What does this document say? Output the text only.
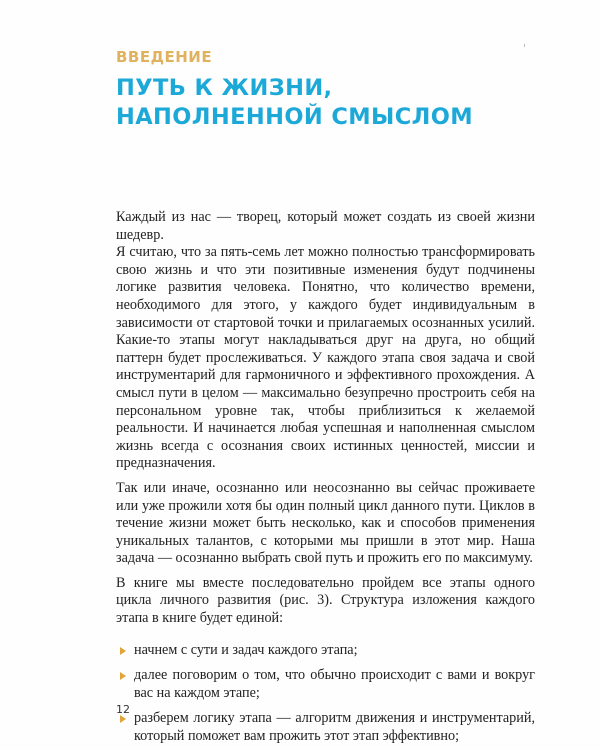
ВВЕДЕНИЕ
ПУТЬ К ЖИЗНИ,
НАПОЛНЕННОЙ СМЫСЛОМ

Каждый из нас — творец, который может создать из своей жизни шедевр.

Я считаю, что за пять-семь лет можно полностью трансформировать свою жизнь и что эти позитивные изменения будут подчинены логике развития человека. Понятно, что количество времени, необходимого для этого, у каждого будет индивидуальным в зависимости от стартовой точки и прилагаемых осознанных усилий. Какие-то этапы могут накладываться друг на друга, но общий паттерн будет прослеживаться. У каждого этапа своя задача и свой инструментарий для гармоничного и эффективного прохождения. А смысл пути в целом — максимально безупречно простроить себя на персональном уровне так, чтобы приблизиться к желаемой реальности. И начинается любая успешная и наполненная смыслом жизнь всегда с осознания своих истинных ценностей, миссии и предназначения.

Так или иначе, осознанно или неосознанно вы сейчас проживаете или уже прожили хотя бы один полный цикл данного пути. Циклов в течение жизни может быть несколько, как и способов применения уникальных талантов, с которыми мы пришли в этот мир. Наша задача — осознанно выбрать свой путь и прожить его по максимуму.

В книге мы вместе последовательно пройдем все этапы одного цикла личного развития (рис. 3). Структура изложения каждого этапа в книге будет единой:

начнем с сути и задач каждого этапа;
далее поговорим о том, что обычно происходит с вами и вокруг вас на каждом этапе;
разберем логику этапа — алгоритм движения и инструментарий, который поможет вам прожить этот этап эффективно;
12
